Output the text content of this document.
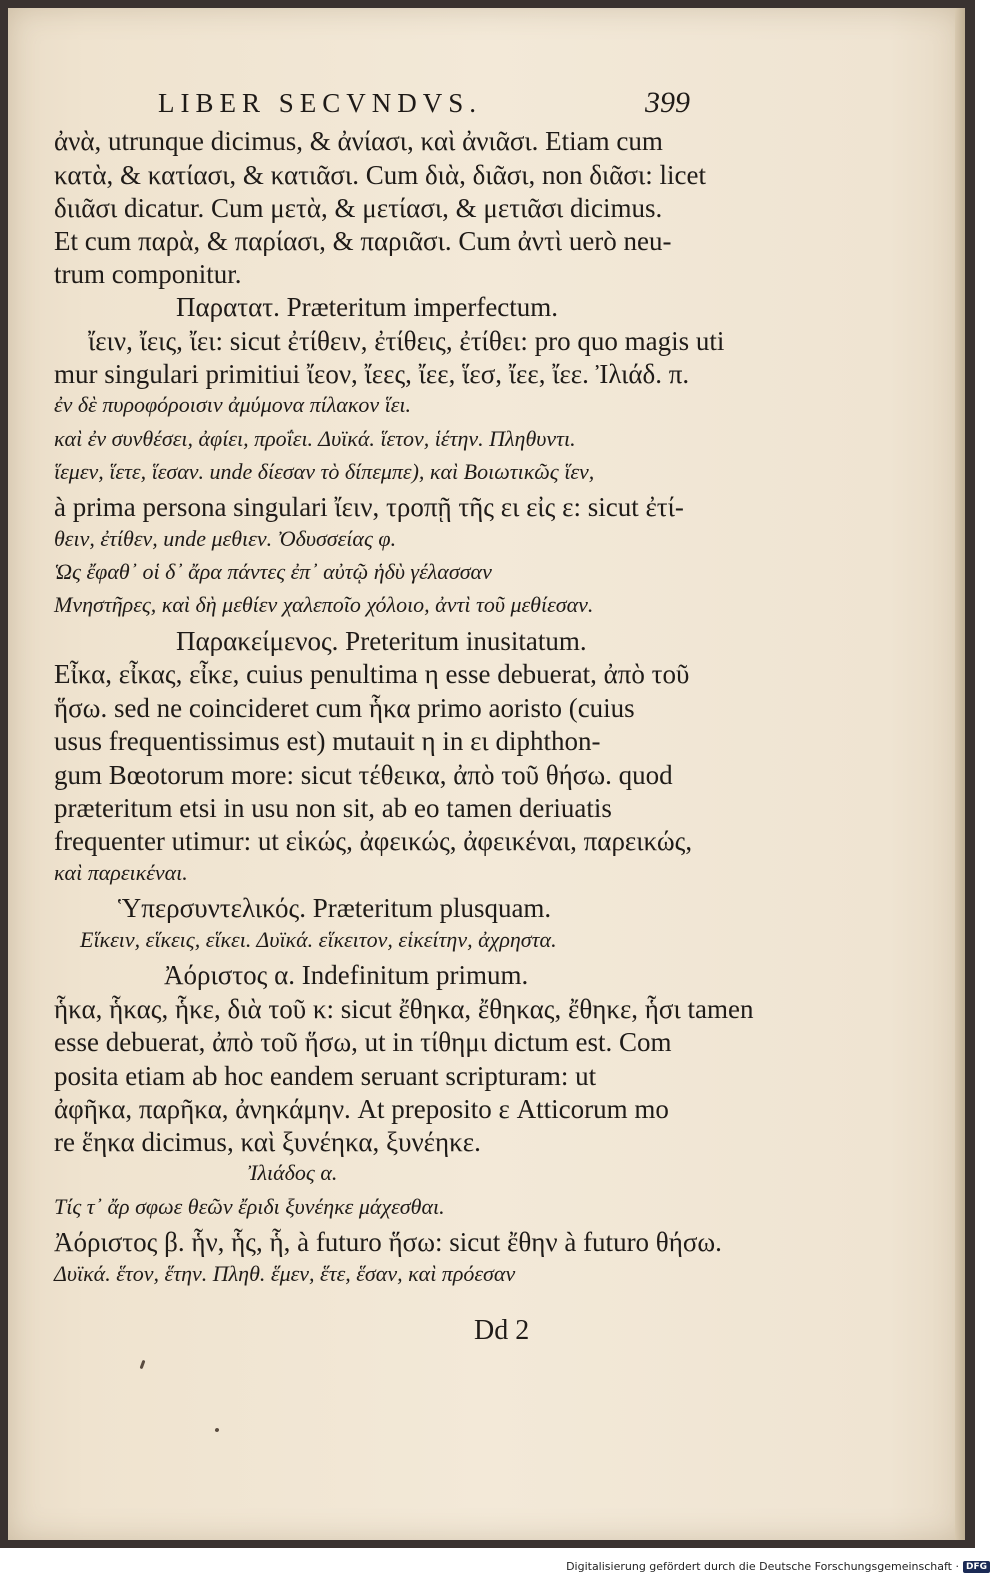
LIBER SECVNDVS.	399
ἀνὰ, utrunque dicimus, & ἀνίασι, καὶ ἀνιᾶσι. Etiam cum
κατὰ, & κατίασι, & κατιᾶσι. Cum διὰ, διᾶσι, non διᾶσι: licet
διιᾶσι dicatur. Cum μετὰ, & μετίασι, & μετιᾶσι dicimus.
Et cum παρὰ, & παρίασι, & παριᾶσι. Cum ἀντὶ uerò neu-
trum componitur.
Παρατατ. Præteritum imperfectum.
ἴειν, ἴεις, ἴει: sicut ἐτίθειν, ἐτίθεις, ἐτίθει: pro quo magis uti
mur singulari primitiui ἴεον, ἴεες, ἴεε, ἵεσ, ἴεε, ἴεε. Ἰλιάδ. π.
ἐν δὲ πυροφόροισιν ἀμύμονα πίλακον ἵει.
καὶ ἐν συνθέσει, ἀφίει, προΐει. Δυϊκά. ἵετον, ἱέτην. Πληθυντι.
ἵεμεν, ἵετε, ἵεσαν. unde δίεσαν τὸ δίπεμπε), καὶ Βοιωτικῶς ἵεν,
à prima persona singulari ἴειν, τροπῇ τῆς ει εἰς ε: sicut ἐτί-
θειν, ἐτίθεν, unde μεθιεν. Ὀδυσσείας φ.
Ὡς ἔφαθ᾽ οἱ δ᾽ ἄρα πάντες ἐπ᾽ αὐτῷ ἡδὺ γέλασσαν
Μνηστῆρες, καὶ δὴ μεθίεν χαλεποῖο χόλοιο, ἀντὶ τοῦ μεθίεσαν.
Παρακείμενος. Preteritum inusitatum.
Εἶκα, εἶκας, εἶκε, cuius penultima η esse debuerat, ἀπὸ τοῦ
ἥσω. sed ne coincideret cum ἧκα primo aoristo (cuius
usus frequentissimus est) mutauit η in ει diphthon-
gum Bœotorum more: sicut τέθεικα, ἀπὸ τοῦ θήσω. quod
præteritum etsi in usu non sit, ab eo tamen deriuatis
frequenter utimur: ut εἱκώς, ἀφεικώς, ἀφεικέναι, παρεικώς,
καὶ παρεικέναι.
Ὑπερσυντελικός. Præteritum plusquam.
Εἵκειν, εἵκεις, εἵκει. Δυϊκά. εἵκειτον, εἱκείτην, ἀχρηστα.
Ἀόριστος α. Indefinitum primum.
ἧκα, ἧκας, ἧκε, διὰ τοῦ κ: sicut ἔθηκα, ἔθηκας, ἔθηκε, ἧσι tamen
esse debuerat, ἀπὸ τοῦ ἥσω, ut in τίθημι dictum est. Com
posita etiam ab hoc eandem seruant scripturam: ut
ἀφῆκα, παρῆκα, ἀνηκάμην. At preposito ε Atticorum mo
re ἕηκα dicimus, καὶ ξυνέηκα, ξυνέηκε.
Ἰλιάδος α.
Τίς τ᾽ ἄρ σφωε θεῶν ἔριδι ξυνέηκε μάχεσθαι.
Ἀόριστος β. ἧν, ἧς, ἧ, à futuro ἥσω: sicut ἔθην à futuro θήσω.
Δυϊκά. ἕτον, ἕτην. Πληθ. ἕμεν, ἕτε, ἕσαν, καὶ πρόεσαν
Dd 2
Digitalisierung gefördert durch die Deutsche Forschungsgemeinschaft · DFG
